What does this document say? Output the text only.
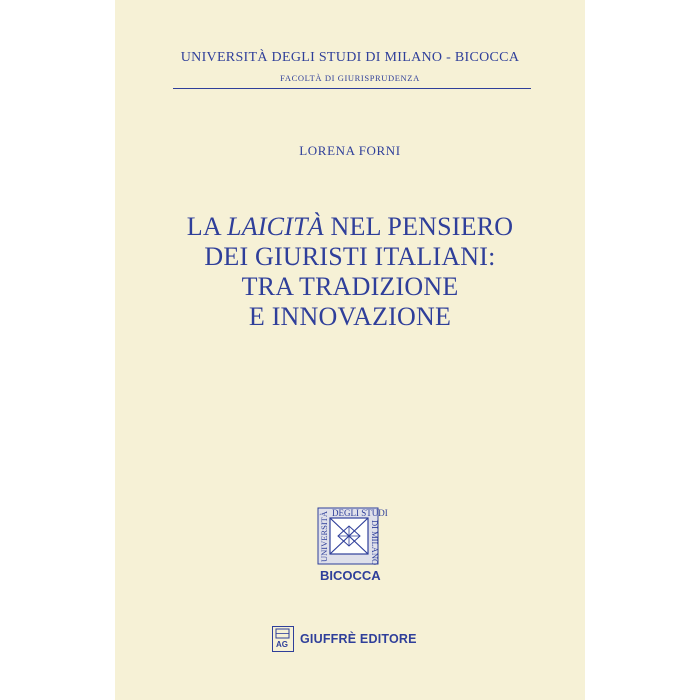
UNIVERSITÀ DEGLI STUDI DI MILANO - BICOCCA
FACOLTÀ DI GIURISPRUDENZA
LORENA FORNI
LA LAICITÀ NEL PENSIERO
DEI GIURISTI ITALIANI:
TRA TRADIZIONE
E INNOVAZIONE
DEGLI STUDI
UNIVERSITÀ	DI MILANO
BICOCCA
AG GIUFFRÈ EDITORE
